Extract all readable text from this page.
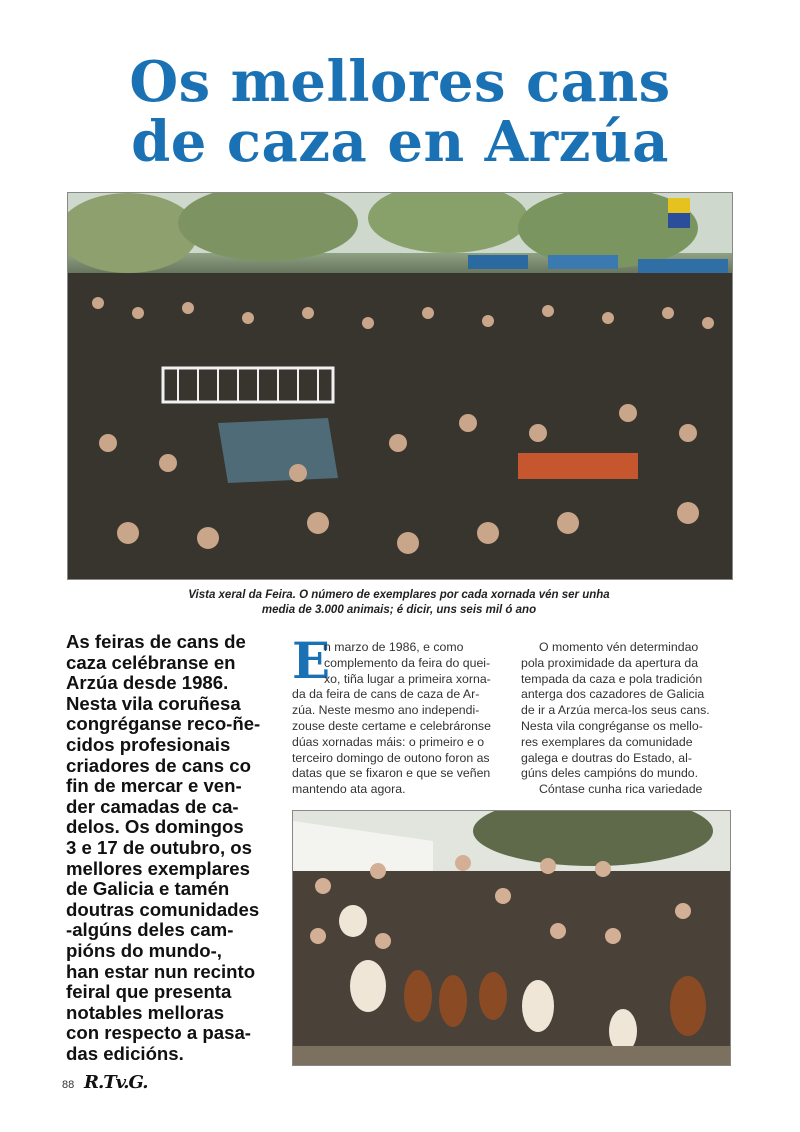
Os mellores cans
de caza en Arzúa
Vista xeral da Feira. O número de exemplares por cada xornada vén ser unha
media de 3.000 animais; é dicir, uns seis mil ó ano
As feiras de cans de
caza celébranse en
Arzúa desde 1986.
Nesta vila coruñesa
congréganse reco-ñe-
cidos profesionais
criadores de cans co
fin de mercar e ven-
der camadas de ca-
delos. Os domingos
3 e 17 de outubro, os
mellores exemplares
de Galicia e tamén
doutras comunidades
-algúns deles cam-
pións do mundo-,
han estar nun recinto
feiral que presenta
notables melloras
con respecto a pasa-
das edicións.
E
n marzo de 1986, e como
complemento da feira do quei-
xo, tiña lugar a primeira xorna-
da da feira de cans de caza de Ar-
zúa. Neste mesmo ano independi-
zouse deste certame e celebráronse
dúas xornadas máis: o primeiro e o
terceiro domingo de outono foron as
datas que se fixaron e que se veñen
mantendo ata agora.
O momento vén determindao
pola proximidade da apertura da
tempada da caza e pola tradición
anterga dos cazadores de Galicia
de ir a Arzúa merca-los seus cans.
Nesta vila congréganse os mello-
res exemplares da comunidade
galega e doutras do Estado, al-
gúns deles campións do mundo.
Cóntase cunha rica variedade
88 R.Tv.G.
